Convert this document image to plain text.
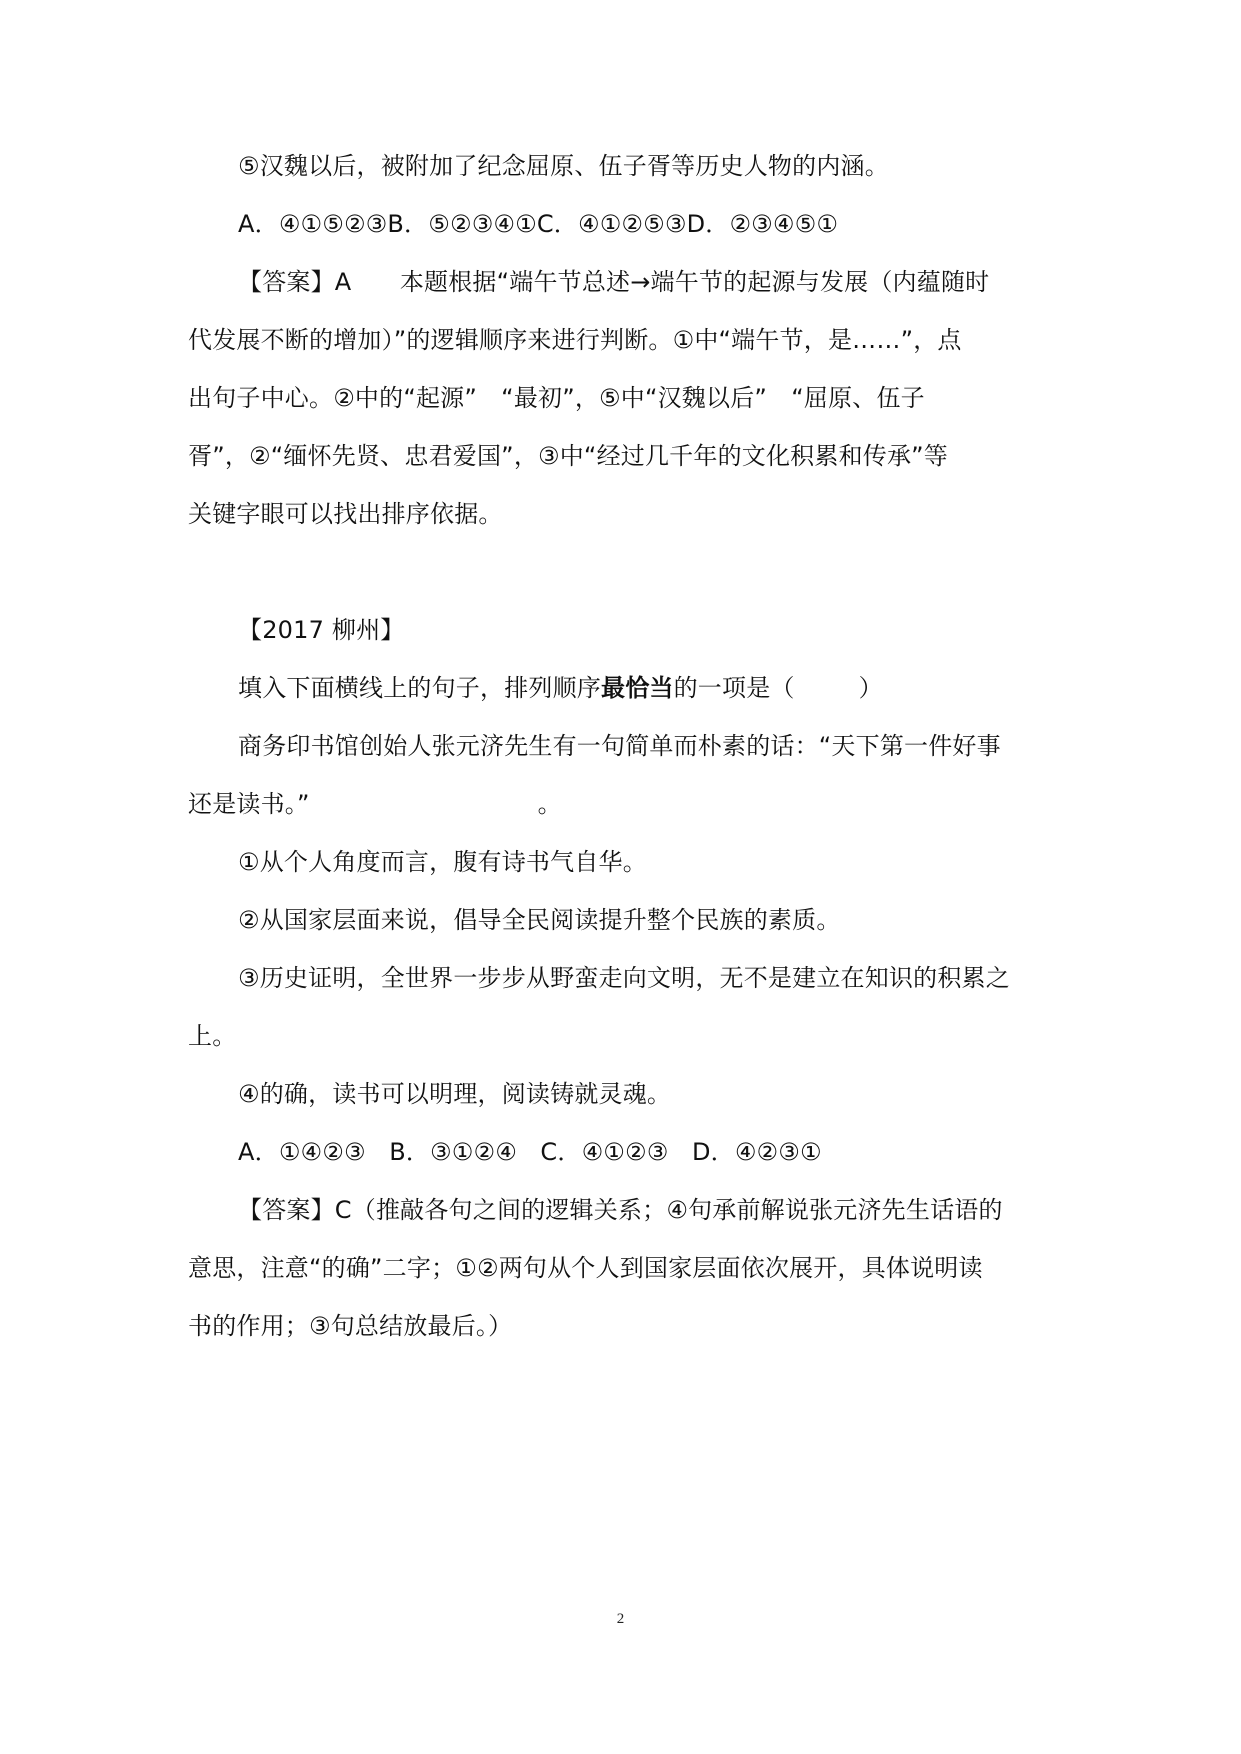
⑤汉魏以后，被附加了纪念屈原、伍子胥等历史人物的内涵。
A．④①⑤②③B．⑤②③④①C．④①②⑤③D．②③④⑤①
【答案】A　　本题根据“端午节总述→端午节的起源与发展（内蕴随时
代发展不断的增加）”的逻辑顺序来进行判断。①中“端午节，是……”，点
出句子中心。②中的“起源”　“最初”，⑤中“汉魏以后”　“屈原、伍子
胥”，②“缅怀先贤、忠君爱国”，③中“经过几千年的文化积累和传承”等
关键字眼可以找出排序依据。
【2017 柳州】
填入下面横线上的句子，排列顺序最恰当的一项是（	）
商务印书馆创始人张元济先生有一句简单而朴素的话：“天下第一件好事
还是读书。”	。
①从个人角度而言，腹有诗书气自华。
②从国家层面来说，倡导全民阅读提升整个民族的素质。
③历史证明，全世界一步步从野蛮走向文明，无不是建立在知识的积累之
上。
④的确，读书可以明理，阅读铸就灵魂。
A．①④②③ B．③①②④ C．④①②③ D．④②③①
【答案】C（推敲各句之间的逻辑关系；④句承前解说张元济先生话语的
意思，注意“的确”二字；①②两句从个人到国家层面依次展开，具体说明读
书的作用；③句总结放最后。）
2
